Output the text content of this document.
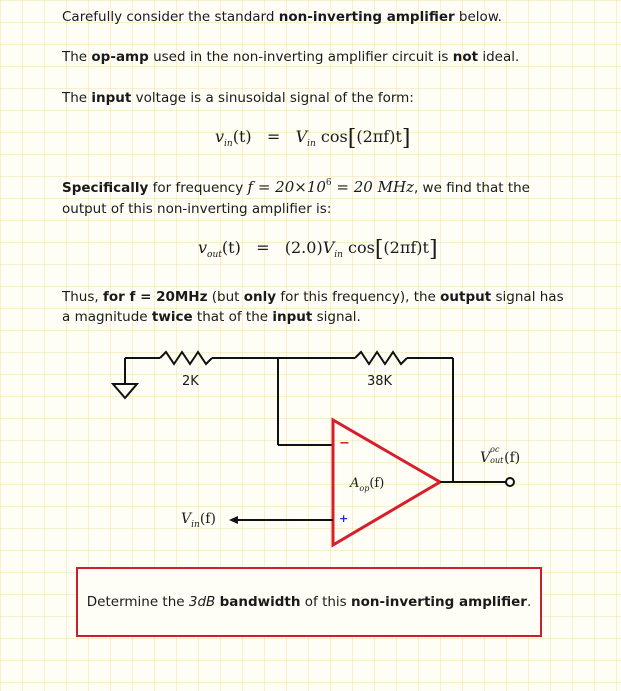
Carefully consider the standard non-inverting amplifier below.
The op-amp used in the non-inverting amplifier circuit is not ideal.
The input voltage is a sinusoidal signal of the form:
$v_{in}(t) = V_{in}$ cos[(2πf)t]
Specifically for frequency $f = 20\times 10^6 = 20$ MHz, we find that the
output of this non-inverting amplifier is:
$v_{out}(t) = (2.0)V_{in}$ cos[(2πf)t]
Thus, for f = 20MHz (but only for this frequency), the output signal has
a magnitude twice that of the input signal.
2K	38K
−
+
$A_{op}(f)$
$V_{in}(f)$
V
oc
out (f)
Determine the 3dB bandwidth of this non-inverting amplifier.
